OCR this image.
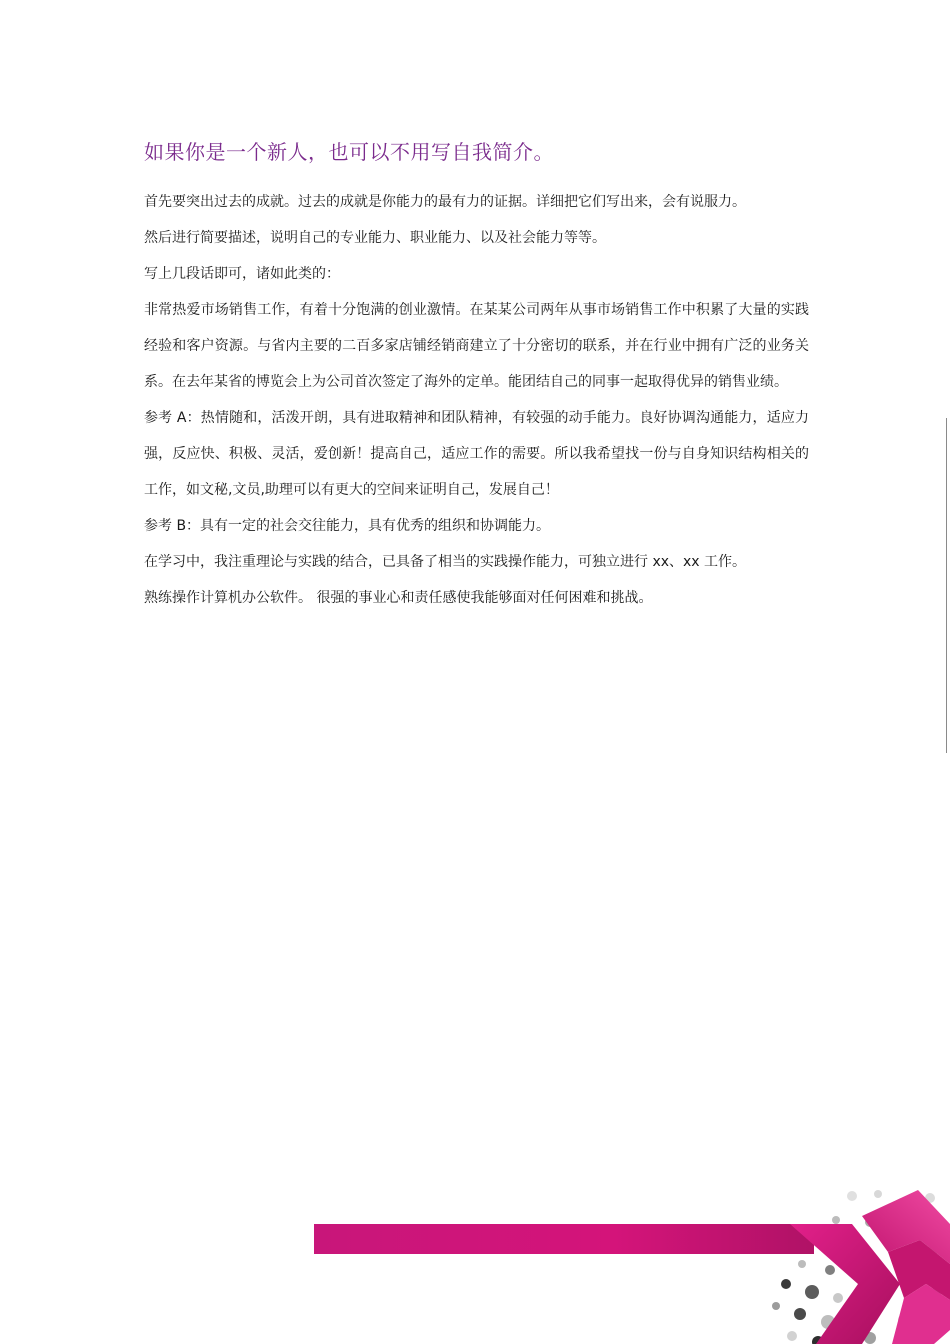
如果你是一个新人，也可以不用写自我简介。

首先要突出过去的成就。过去的成就是你能力的最有力的证据。详细把它们写出来，会有说服力。

然后进行简要描述，说明自己的专业能力、职业能力、以及社会能力等等。

写上几段话即可，诸如此类的：

非常热爱市场销售工作，有着十分饱满的创业激情。在某某公司两年从事市场销售工作中积累了大量的实践经验和客户资源。与省内主要的二百多家店铺经销商建立了十分密切的联系，并在行业中拥有广泛的业务关系。在去年某省的博览会上为公司首次签定了海外的定单。能团结自己的同事一起取得优异的销售业绩。

参考 A：热情随和，活泼开朗，具有进取精神和团队精神，有较强的动手能力。良好协调沟通能力，适应力强，反应快、积极、灵活，爱创新！提高自己，适应工作的需要。所以我希望找一份与自身知识结构相关的工作，如文秘,文员,助理可以有更大的空间来证明自己，发展自己！

参考 B：具有一定的社会交往能力，具有优秀的组织和协调能力。

在学习中，我注重理论与实践的结合，已具备了相当的实践操作能力，可独立进行 xx、xx 工作。

熟练操作计算机办公软件。 很强的事业心和责任感使我能够面对任何困难和挑战。
